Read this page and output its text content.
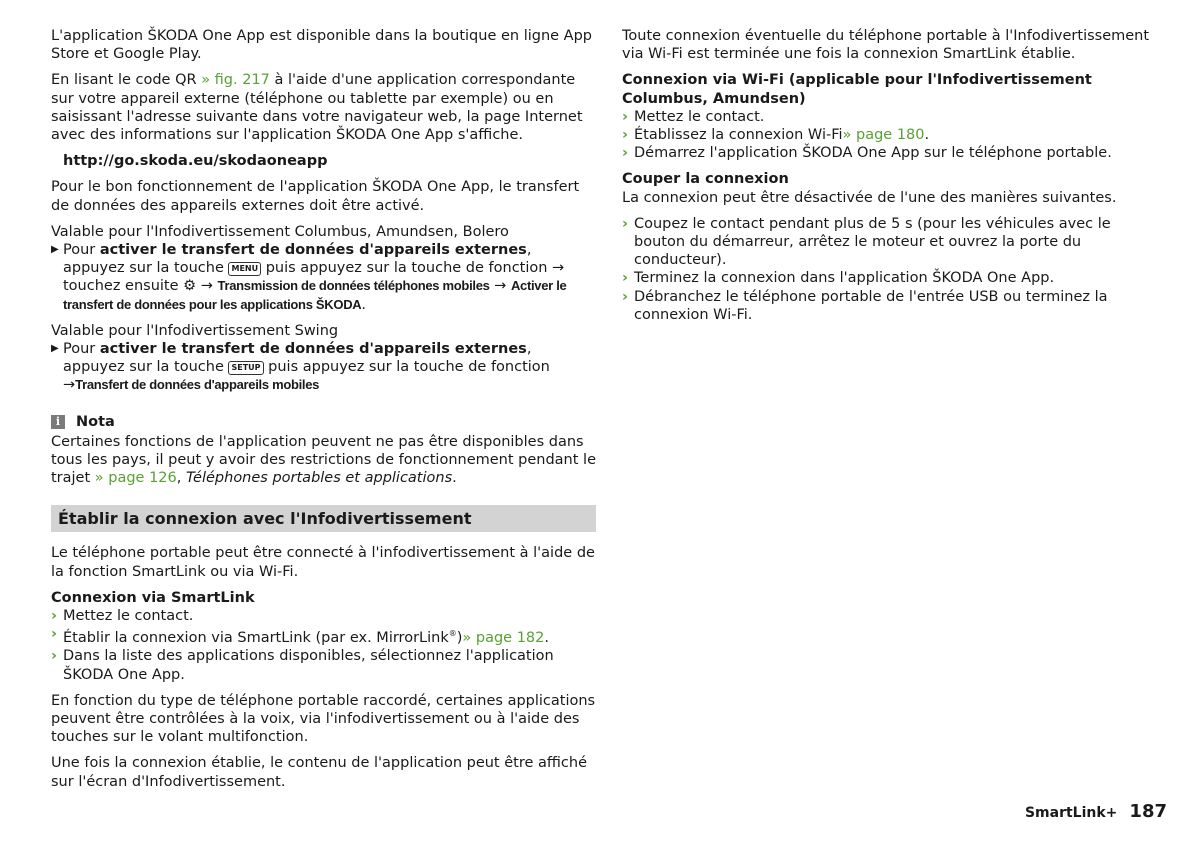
L'application ŠKODA One App est disponible dans la boutique en ligne App Store et Google Play.

En lisant le code QR » fig. 217 à l'aide d'une application correspondante sur votre appareil externe (téléphone ou tablette par exemple) ou en saisissant l'adresse suivante dans votre navigateur web, la page Internet avec des informations sur l'application ŠKODA One App s'affiche.

http://go.skoda.eu/skodaoneapp

Pour le bon fonctionnement de l'application ŠKODA One App, le transfert de données des appareils externes doit être activé.

Valable pour l'Infodivertissement Columbus, Amundsen, Bolero

▶ Pour activer le transfert de données d'appareils externes, appuyez sur la touche MENU puis appuyez sur la touche de fonction → touchez ensuite ⚙ → Transmission de données téléphones mobiles → Activer le transfert de données pour les applications ŠKODA.

Valable pour l'Infodivertissement Swing

▶ Pour activer le transfert de données d'appareils externes, appuyez sur la touche SETUP puis appuyez sur la touche de fonction →Transfert de données d'appareils mobiles
i	Nota

Certaines fonctions de l'application peuvent ne pas être disponibles dans tous les pays, il peut y avoir des restrictions de fonctionnement pendant le trajet » page 126, Téléphones portables et applications.

Établir la connexion avec l'Infodivertissement

Le téléphone portable peut être connecté à l'infodivertissement à l'aide de la fonction SmartLink ou via Wi-Fi.

Connexion via SmartLink

› Mettez le contact.
› Établir la connexion via SmartLink (par ex. MirrorLink®)» page 182.
› Dans la liste des applications disponibles, sélectionnez l'application ŠKODA One App.

En fonction du type de téléphone portable raccordé, certaines applications peuvent être contrôlées à la voix, via l'infodivertissement ou à l'aide des touches sur le volant multifonction.

Une fois la connexion établie, le contenu de l'application peut être affiché sur l'écran d'Infodivertissement.

Toute connexion éventuelle du téléphone portable à l'Infodivertissement via Wi-Fi est terminée une fois la connexion SmartLink établie.

Connexion via Wi-Fi (applicable pour l'Infodivertissement Columbus, Amundsen)

› Mettez le contact.
› Établissez la connexion Wi-Fi» page 180.
› Démarrez l'application ŠKODA One App sur le téléphone portable.

Couper la connexion

La connexion peut être désactivée de l'une des manières suivantes.

› Coupez le contact pendant plus de 5 s (pour les véhicules avec le bouton du démarreur, arrêtez le moteur et ouvrez la porte du conducteur).
› Terminez la connexion dans l'application ŠKODA One App.
› Débranchez le téléphone portable de l'entrée USB ou terminez la connexion Wi-Fi.
SmartLink+ 187
